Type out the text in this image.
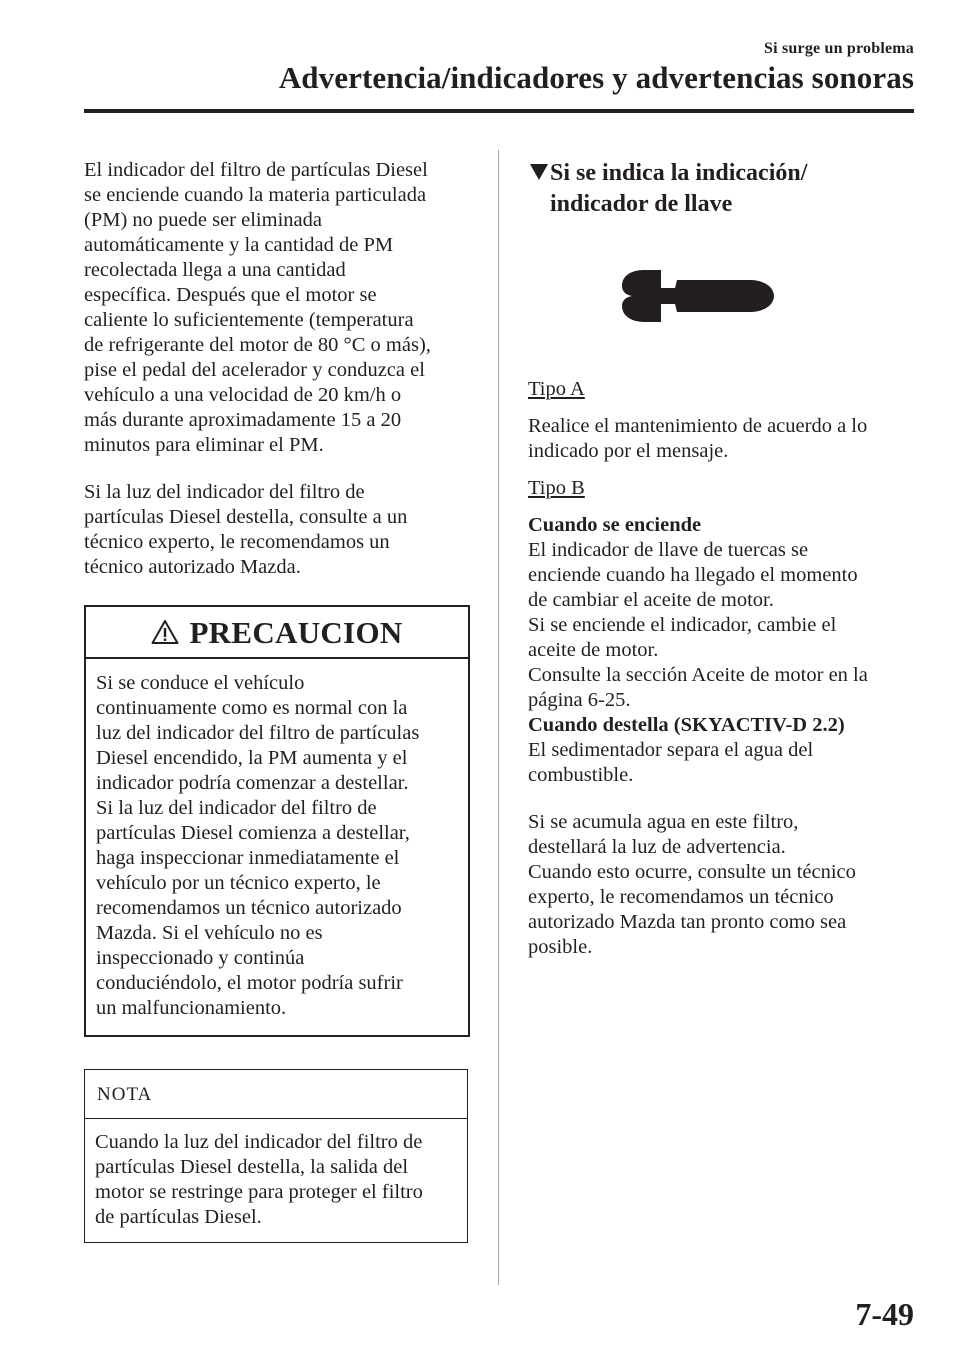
Si surge un problema
Advertencia/indicadores y advertencias sonoras

El indicador del filtro de partículas Diesel
se enciende cuando la materia particulada
(PM) no puede ser eliminada
automáticamente y la cantidad de PM
recolectada llega a una cantidad
específica. Después que el motor se
caliente lo suficientemente (temperatura
de refrigerante del motor de 80 °C o más),
pise el pedal del acelerador y conduzca el
vehículo a una velocidad de 20 km/h o
más durante aproximadamente 15 a 20
minutos para eliminar el PM.

Si la luz del indicador del filtro de
partículas Diesel destella, consulte a un
técnico experto, le recomendamos un
técnico autorizado Mazda.

PRECAUCION
Si se conduce el vehículo
continuamente como es normal con la
luz del indicador del filtro de partículas
Diesel encendido, la PM aumenta y el
indicador podría comenzar a destellar.
Si la luz del indicador del filtro de
partículas Diesel comienza a destellar,
haga inspeccionar inmediatamente el
vehículo por un técnico experto, le
recomendamos un técnico autorizado
Mazda. Si el vehículo no es
inspeccionado y continúa
conduciéndolo, el motor podría sufrir
un malfuncionamiento.
NOTA
Cuando la luz del indicador del filtro de
partículas Diesel destella, la salida del
motor se restringe para proteger el filtro
de partículas Diesel.
Si se indica la indicación/
indicador de llave

Tipo A

Realice el mantenimiento de acuerdo a lo
indicado por el mensaje.

Tipo B

Cuando se enciende

El indicador de llave de tuercas se
enciende cuando ha llegado el momento
de cambiar el aceite de motor.
Si se enciende el indicador, cambie el
aceite de motor.
Consulte la sección Aceite de motor en la
página 6-25.

Cuando destella (SKYACTIV-D 2.2)

El sedimentador separa el agua del
combustible.

Si se acumula agua en este filtro,
destellará la luz de advertencia.
Cuando esto ocurre, consulte un técnico
experto, le recomendamos un técnico
autorizado Mazda tan pronto como sea
posible.

7-49
